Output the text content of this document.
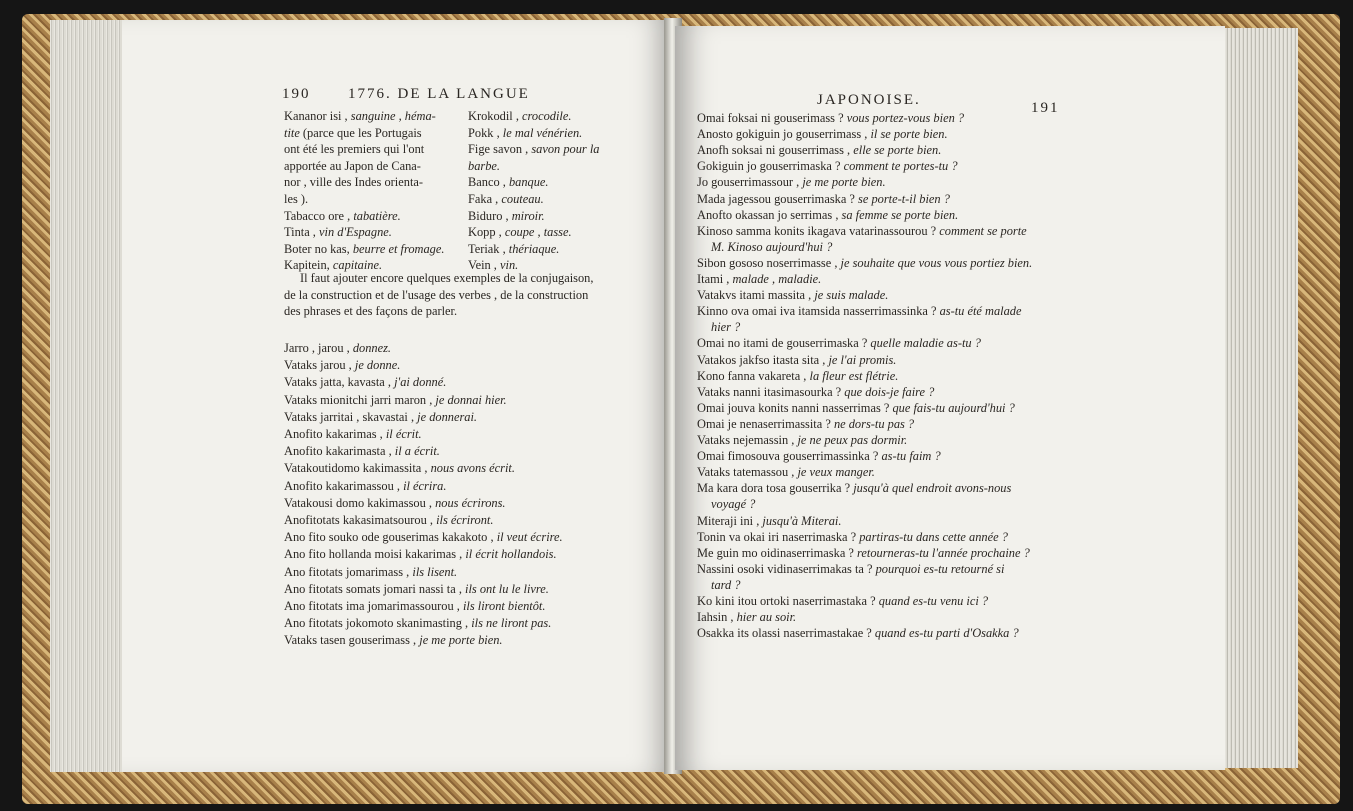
190	1776. DE LA LANGUE
Kananor isi , sanguine , héma-
tite (parce que les Portugais
ont été les premiers qui l'ont
apportée au Japon de Cana-
nor , ville des Indes orienta-
les ).
Tabacco ore , tabatière.
Tinta , vin d'Espagne.
Boter no kas, beurre et fromage.
Kapitein, capitaine.
Krokodil , crocodile.
Pokk , le mal vénérien.
Fige savon , savon pour la
barbe.
Banco , banque.
Faka , couteau.
Biduro , miroir.
Kopp , coupe , tasse.
Teriak , thériaque.
Vein , vin.
Il faut ajouter encore quelques exemples de la conjugaison,
de la construction et de l'usage des verbes , de la construction
des phrases et des façons de parler.
Jarro , jarou , donnez.
Vataks jarou , je donne.
Vataks jatta, kavasta , j'ai donné.
Vataks mionitchi jarri maron , je donnai hier.
Vataks jarritai , skavastai , je donnerai.
Anofito kakarimas , il écrit.
Anofito kakarimasta , il a écrit.
Vatakoutidomo kakimassita , nous avons écrit.
Anofito kakarimassou , il écrira.
Vatakousi domo kakimassou , nous écrirons.
Anofitotats kakasimatsourou , ils écriront.
Ano fito souko ode gouserimas kakakoto , il veut écrire.
Ano fito hollanda moisi kakarimas , il écrit hollandois.
Ano fitotats jomarimass , ils lisent.
Ano fitotats somats jomari nassi ta , ils ont lu le livre.
Ano fitotats ima jomarimassourou , ils liront bientôt.
Ano fitotats jokomoto skanimasting , ils ne liront pas.
Vataks tasen gouserimass , je me porte bien.
JAPONOISE.	191
Omai foksai ni gouserimass ? vous portez-vous bien ?
Anosto gokiguin jo gouserrimass , il se porte bien.
Anofh soksai ni gouserrimass , elle se porte bien.
Gokiguin jo gouserrimaska ? comment te portes-tu ?
Jo gouserrimassour , je me porte bien.
Mada jagessou gouserrimaska ? se porte-t-il bien ?
Anofto okassan jo serrimas , sa femme se porte bien.
Kinoso samma konits ikagava vatarinassourou ? comment se porte
M. Kinoso aujourd'hui ?
Sibon gososo noserrimasse , je souhaite que vous vous portiez bien.
Itami , malade , maladie.
Vatakvs itami massita , je suis malade.
Kinno ova omai iva itamsida nasserrimassinka ? as-tu été malade
hier ?
Omai no itami de gouserrimaska ? quelle maladie as-tu ?
Vatakos jakfso itasta sita , je l'ai promis.
Kono fanna vakareta , la fleur est flétrie.
Vataks nanni itasimasourka ? que dois-je faire ?
Omai jouva konits nanni nasserrimas ? que fais-tu aujourd'hui ?
Omai je nenaserrimassita ? ne dors-tu pas ?
Vataks nejemassin , je ne peux pas dormir.
Omai fimosouva gouserrimassinka ? as-tu faim ?
Vataks tatemassou , je veux manger.
Ma kara dora tosa gouserrika ? jusqu'à quel endroit avons-nous
voyagé ?
Miteraji ini , jusqu'à Miterai.
Tonin va okai iri naserrimaska ? partiras-tu dans cette année ?
Me guin mo oidinaserrimaska ? retourneras-tu l'année prochaine ?
Nassini osoki vidinaserrimakas ta ? pourquoi es-tu retourné si
tard ?
Ko kini itou ortoki naserrimastaka ? quand es-tu venu ici ?
Iahsin , hier au soir.
Osakka its olassi naserrimastakae ? quand es-tu parti d'Osakka ?
